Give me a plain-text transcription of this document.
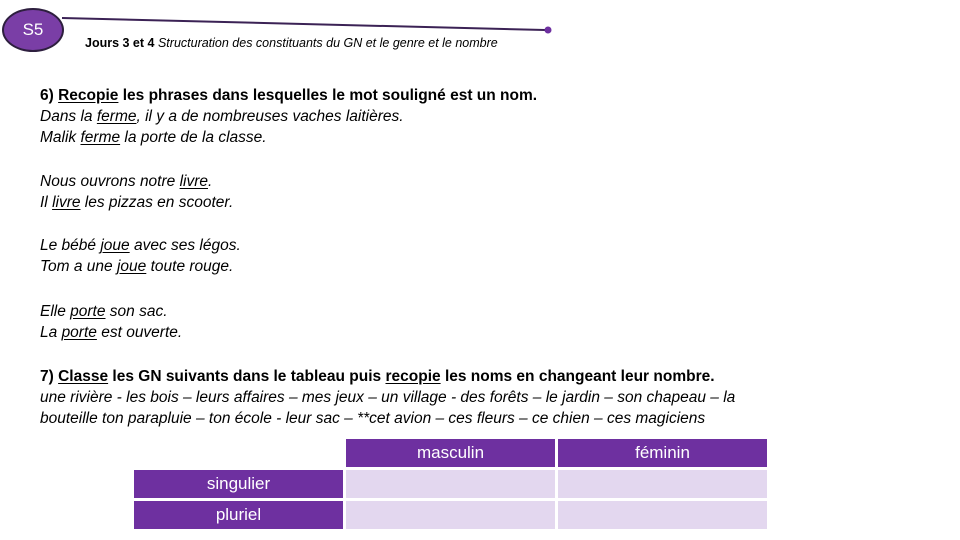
S5
Jours 3 et 4 Structuration des constituants du GN et le genre et le nombre
6) Recopie les phrases dans lesquelles le mot souligné est un nom.
Dans la ferme, il y a de nombreuses vaches laitières.
Malik ferme la porte de la classe.
Nous ouvrons notre livre.
Il livre les pizzas en scooter.
Le bébé joue avec ses légos.
Tom a une joue toute rouge.
Elle porte son sac.
La porte est ouverte.
7) Classe les GN suivants dans le tableau puis recopie les noms en changeant leur nombre.
une rivière - les bois – leurs affaires – mes jeux – un village - des forêts – le jardin – son chapeau – la
bouteille ton parapluie – ton école - leur sac – **cet avion – ces fleurs – ce chien – ces magiciens
	masculin	féminin
singulier		
pluriel		
